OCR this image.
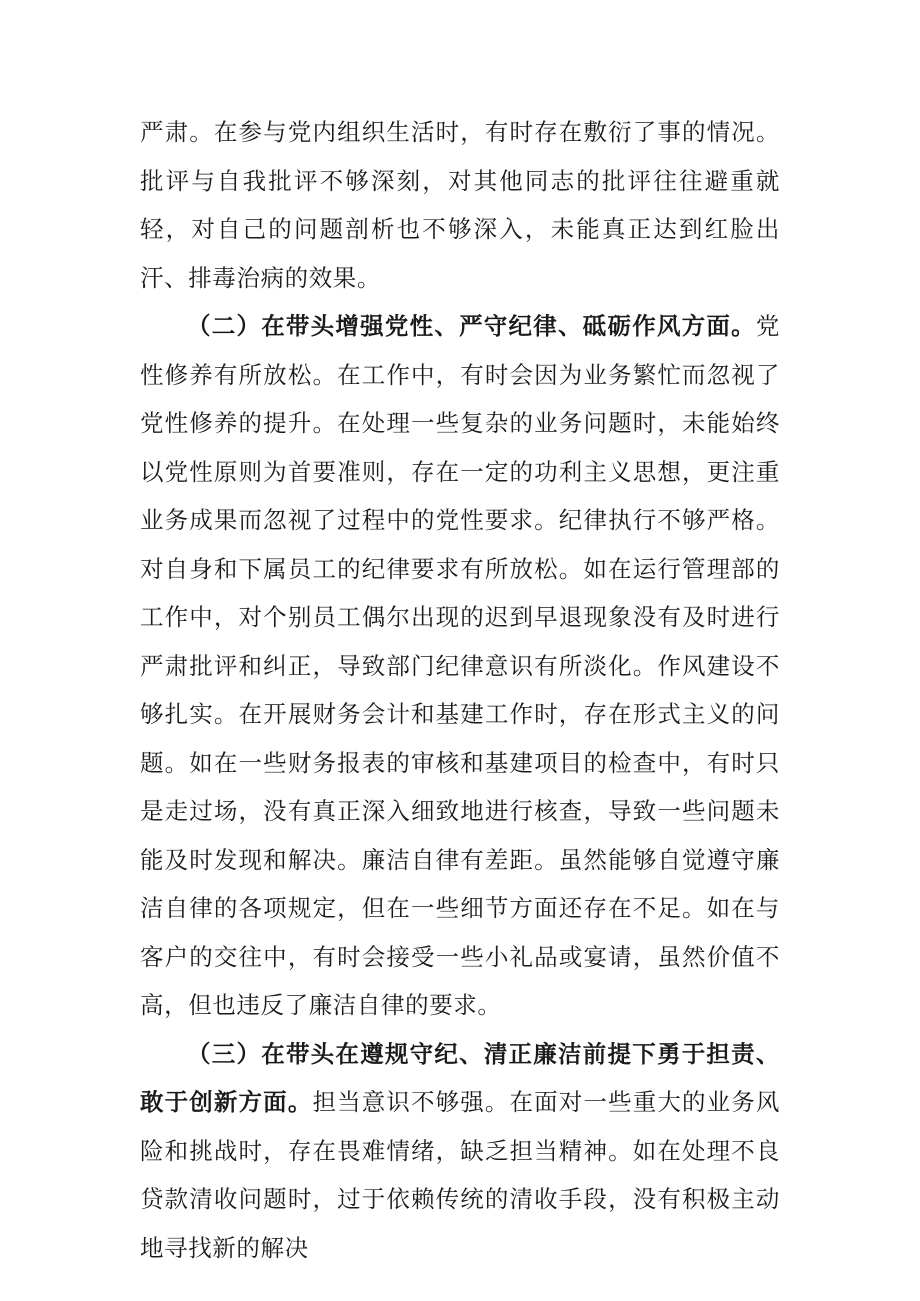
严肃。在参与党内组织生活时，有时存在敷衍了事的情况。批评与自我批评不够深刻，对其他同志的批评往往避重就轻，对自己的问题剖析也不够深入，未能真正达到红脸出汗、排毒治病的效果。

（二）在带头增强党性、严守纪律、砥砺作风方面。党性修养有所放松。在工作中，有时会因为业务繁忙而忽视了党性修养的提升。在处理一些复杂的业务问题时，未能始终以党性原则为首要准则，存在一定的功利主义思想，更注重业务成果而忽视了过程中的党性要求。纪律执行不够严格。对自身和下属员工的纪律要求有所放松。如在运行管理部的工作中，对个别员工偶尔出现的迟到早退现象没有及时进行严肃批评和纠正，导致部门纪律意识有所淡化。作风建设不够扎实。在开展财务会计和基建工作时，存在形式主义的问题。如在一些财务报表的审核和基建项目的检查中，有时只是走过场，没有真正深入细致地进行核查，导致一些问题未能及时发现和解决。廉洁自律有差距。虽然能够自觉遵守廉洁自律的各项规定，但在一些细节方面还存在不足。如在与客户的交往中，有时会接受一些小礼品或宴请，虽然价值不高，但也违反了廉洁自律的要求。

（三）在带头在遵规守纪、清正廉洁前提下勇于担责、敢于创新方面。担当意识不够强。在面对一些重大的业务风险和挑战时，存在畏难情绪，缺乏担当精神。如在处理不良贷款清收问题时，过于依赖传统的清收手段，没有积极主动地寻找新的解决
